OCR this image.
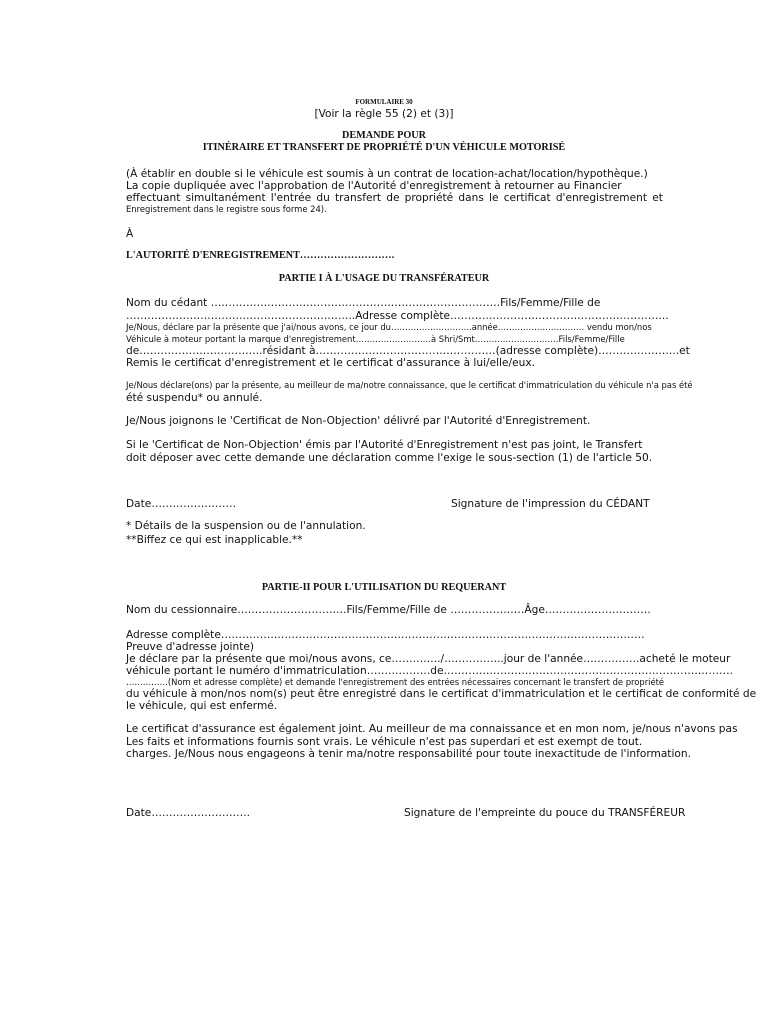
FORMULAIRE 30
[Voir la règle 55 (2) et (3)]
DEMANDE POUR
ITINÉRAIRE ET TRANSFERT DE PROPRIÉTÉ D'UN VÉHICULE MOTORISÉ
(À établir en double si le véhicule est soumis à un contrat de location-achat/location/hypothèque.)
La copie dupliquée avec l'approbation de l'Autorité d'enregistrement à retourner au Financier
effectuant simultanément l'entrée du transfert de propriété dans le certificat d'enregistrement et
Enregistrement dans le registre sous forme 24).
À
L'AUTORITÉ D'ENREGISTREMENT……………………….
PARTIE I À L'USAGE DU TRANSFÉRATEUR
Nom du cédant ……………………………………………………………………….Fils/Femme/Fille de
………………………………………………………..Adresse complète……………………………………………………..
Je/Nous, déclare par la présente que j'ai/nous avons, ce jour du………………………..année…………………………. vendu mon/nos
Véhicule à moteur portant la marque d'enregistrement………………………à Shri/Smt…………………………Fils/Femme/Fille
de……………………………..résidant à……………………………………………(adresse complète)…………………..et
Remis le certificat d'enregistrement et le certificat d'assurance à lui/elle/eux.
Je/Nous déclare(ons) par la présente, au meilleur de ma/notre connaissance, que le certificat d'immatriculation du véhicule n'a pas été
été suspendu* ou annulé.
Je/Nous joignons le 'Certificat de Non-Objection' délivré par l'Autorité d'Enregistrement.
Si le 'Certificat de Non-Objection' émis par l'Autorité d'Enregistrement n'est pas joint, le Transfert
doit déposer avec cette demande une déclaration comme l'exige le sous-section (1) de l'article 50.
Date……………………	Signature de l'impression du CÉDANT
* Détails de la suspension ou de l'annulation.
**Biffez ce qui est inapplicable.**
PARTIE-II POUR L'UTILISATION DU REQUERANT
Nom du cessionnaire………………………….Fils/Femme/Fille de …………………Âge…………………………
Adresse complète…………………………………………………………………………………………………………
Preuve d'adresse jointe)
Je déclare par la présente que moi/nous avons, ce…………../……………..jour de l'année…………….acheté le moteur
véhicule portant le numéro d'immatriculation………………de……………………………………………………………………….
……………(Nom et adresse complète) et demande l'enregistrement des entrées nécessaires concernant le transfert de propriété
du véhicule à mon/nos nom(s) peut être enregistré dans le certificat d'immatriculation et le certificat de conformité de
le véhicule, qui est enfermé.
Le certificat d'assurance est également joint. Au meilleur de ma connaissance et en mon nom, je/nous n'avons pas
Les faits et informations fournis sont vrais. Le véhicule n'est pas superdari et est exempt de tout.
charges. Je/Nous nous engageons à tenir ma/notre responsabilité pour toute inexactitude de l'information.
Date……………………….	Signature de l'empreinte du pouce du TRANSFÉREUR
